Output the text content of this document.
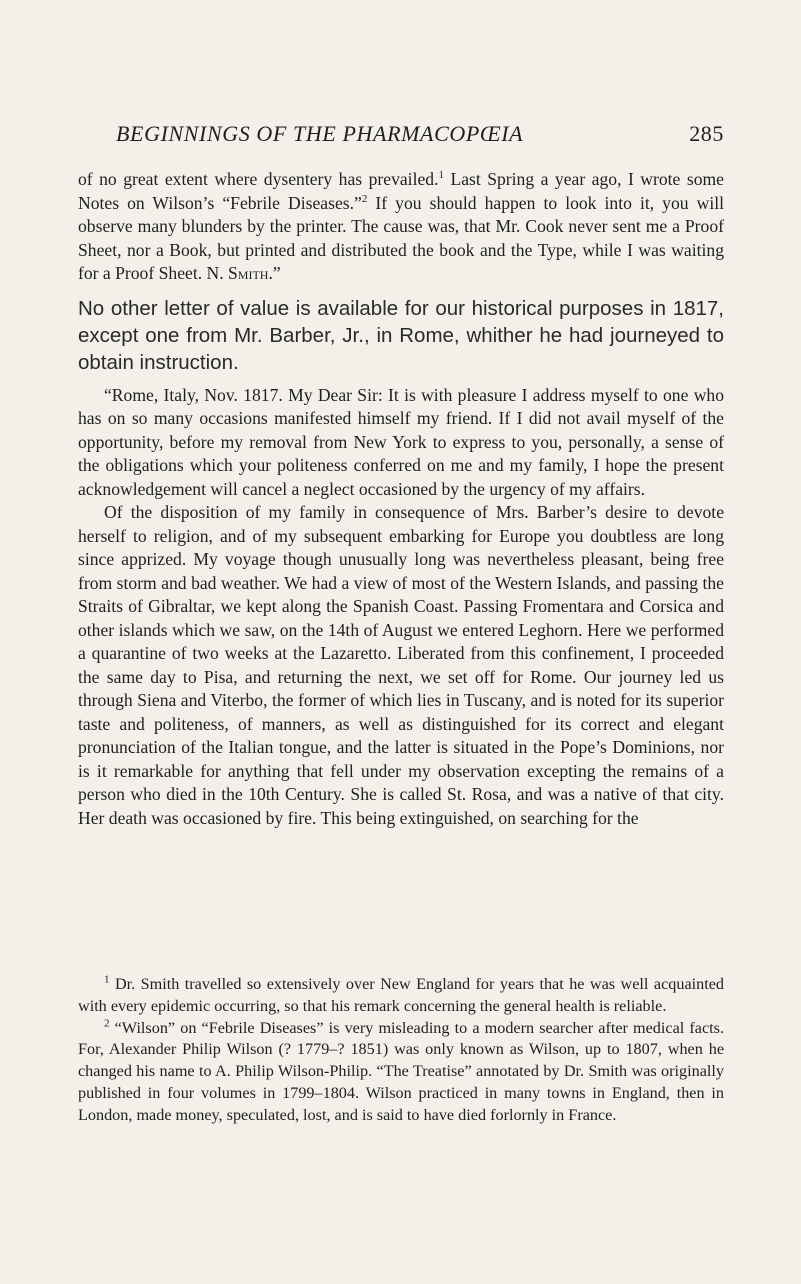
BEGINNINGS OF THE PHARMACOPŒIA	285

of no great extent where dysentery has prevailed.$^1$ Last Spring a year ago, I wrote some Notes on Wilson’s “Febrile Diseases.”$^2$ If you should happen to look into it, you will observe many blunders by the printer. The cause was, that Mr. Cook never sent me a Proof Sheet, nor a Book, but printed and distributed the book and the Type, while I was waiting for a Proof Sheet. N. Smith.”

No other letter of value is available for our historical purposes in 1817, except one from Mr. Barber, Jr., in Rome, whither he had journeyed to obtain instruction.

“Rome, Italy, Nov. 1817. My Dear Sir: It is with pleasure I address myself to one who has on so many occasions manifested himself my friend. If I did not avail myself of the opportunity, before my removal from New York to express to you, personally, a sense of the obligations which your politeness conferred on me and my family, I hope the present acknowledgement will cancel a neglect occasioned by the urgency of my affairs.

Of the disposition of my family in consequence of Mrs. Barber’s desire to devote herself to religion, and of my subsequent embarking for Europe you doubtless are long since apprized. My voyage though unusually long was nevertheless pleasant, being free from storm and bad weather. We had a view of most of the Western Islands, and passing the Straits of Gibraltar, we kept along the Spanish Coast. Passing Fromentara and Corsica and other islands which we saw, on the 14th of August we entered Leghorn. Here we performed a quarantine of two weeks at the Lazaretto. Liberated from this confinement, I proceeded the same day to Pisa, and returning the next, we set off for Rome. Our journey led us through Siena and Viterbo, the former of which lies in Tuscany, and is noted for its superior taste and politeness, of manners, as well as distinguished for its correct and elegant pronunciation of the Italian tongue, and the latter is situated in the Pope’s Dominions, nor is it remarkable for anything that fell under my observation excepting the remains of a person who died in the 10th Century. She is called St. Rosa, and was a native of that city. Her death was occasioned by fire. This being extinguished, on searching for the

$^1$ Dr. Smith travelled so extensively over New England for years that he was well acquainted with every epidemic occurring, so that his remark concerning the general health is reliable.

$^2$ “Wilson” on “Febrile Diseases” is very misleading to a modern searcher after medical facts. For, Alexander Philip Wilson (? 1779–? 1851) was only known as Wilson, up to 1807, when he changed his name to A. Philip Wilson-Philip. “The Treatise” annotated by Dr. Smith was originally published in four volumes in 1799–1804. Wilson practiced in many towns in England, then in London, made money, speculated, lost, and is said to have died forlornly in France.
